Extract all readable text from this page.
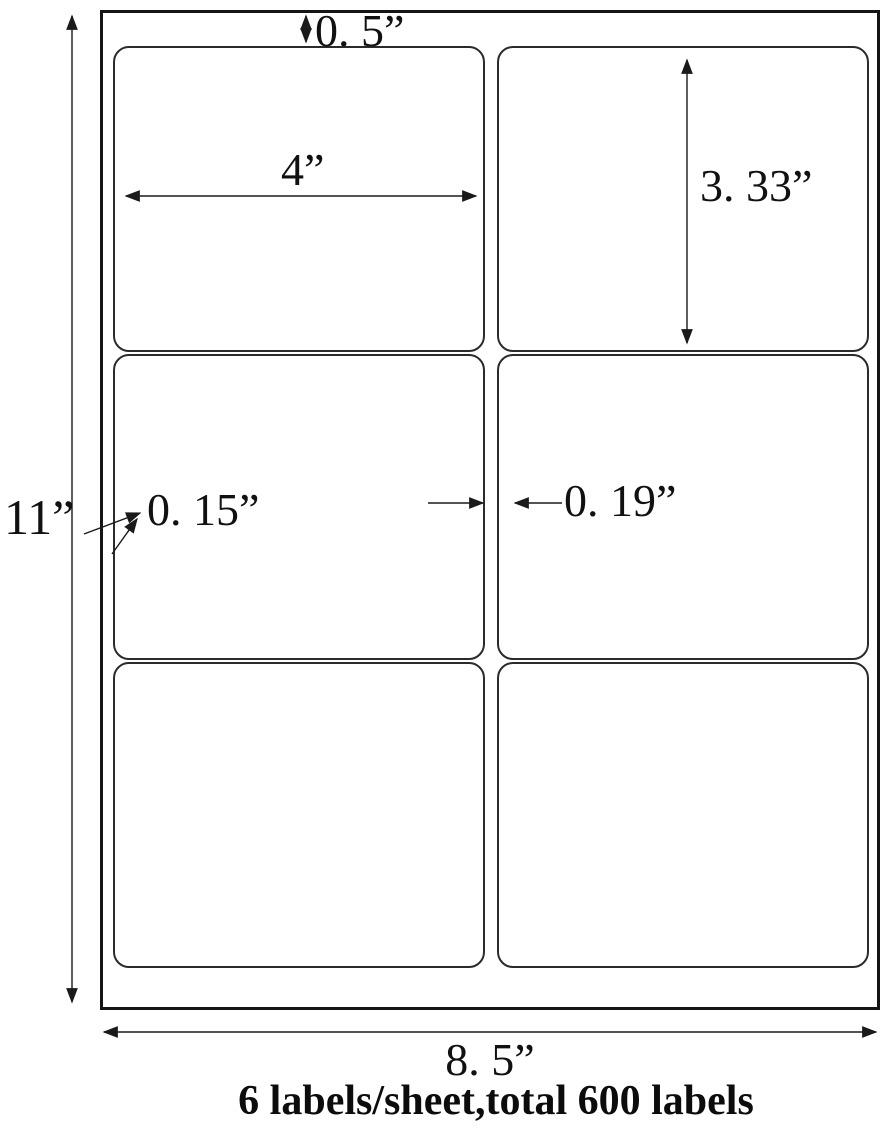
0. 5”
4”	3. 33”
0. 15”	0. 19”
11”
8. 5”
6 labels/sheet,total 600 labels
